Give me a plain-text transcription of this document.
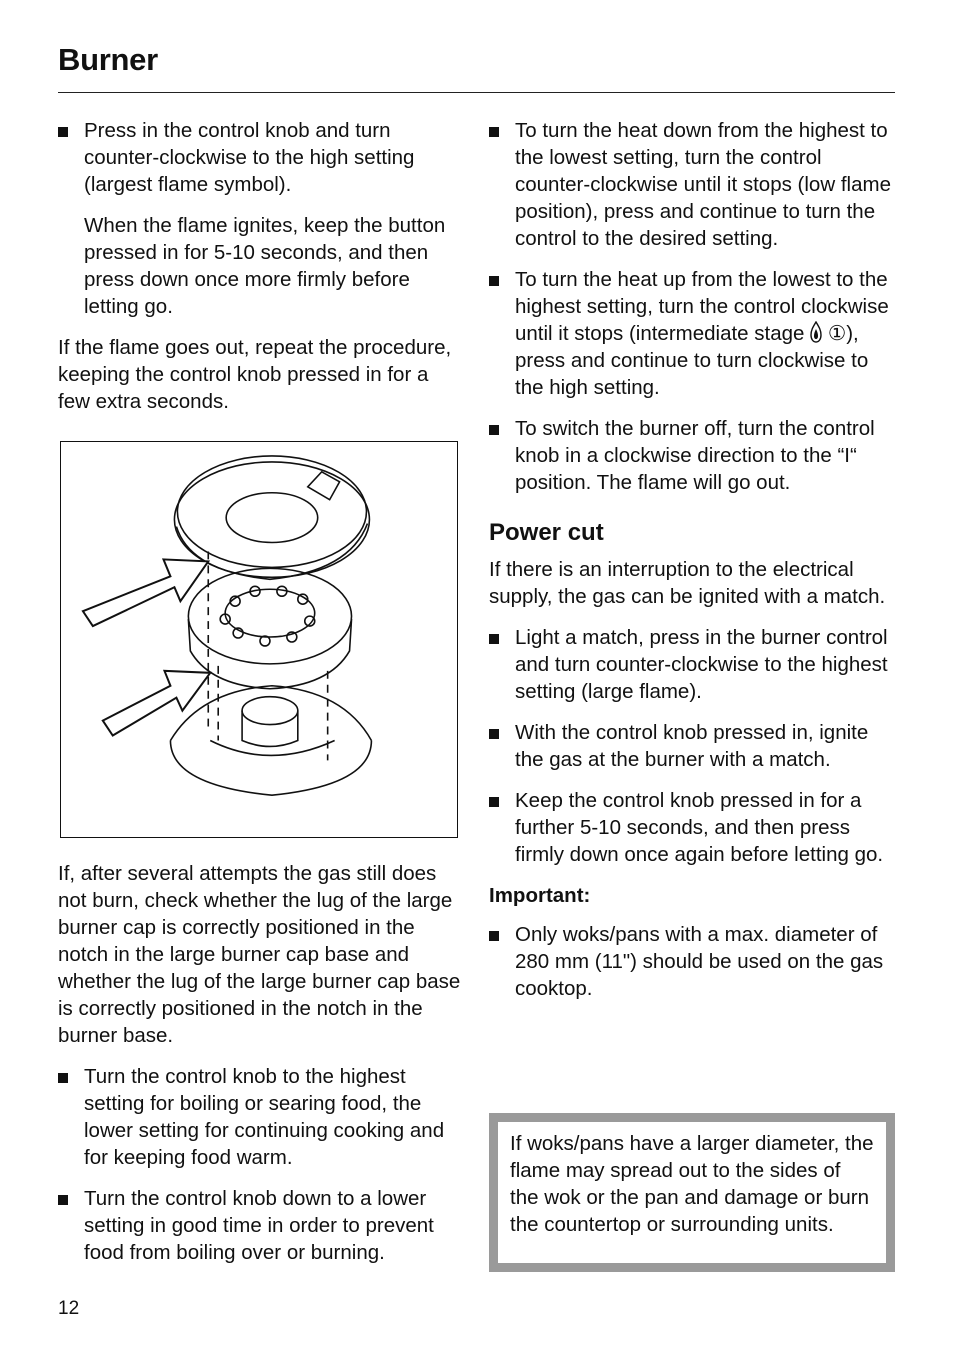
Burner
Press in the control knob and turn counter-clockwise to the high setting (largest flame symbol).
When the flame ignites, keep the button pressed in for 5-10 seconds, and then press down once more firmly before letting go.

If the flame goes out, repeat the procedure, keeping the control knob pressed in for a few extra seconds.

If, after several attempts the gas still does not burn, check whether the lug of the large burner cap is correctly positioned in the notch in the large burner cap base and whether the lug of the large burner cap base is correctly positioned in the notch in the burner base.

Turn the control knob to the highest setting for boiling or searing food, the lower setting for continuing cooking and for keeping food warm.
Turn the control knob down to a lower setting in good time in order to prevent food from boiling over or burning.
To turn the heat down from the highest to the lowest setting, turn the control counter-clockwise until it stops (low flame position), press and continue to turn the control to the desired setting.
To turn the heat up from the lowest to the highest setting, turn the control clockwise until it stops (intermediate stage  ①), press and continue to turn clockwise to the high setting.
To switch the burner off, turn the control knob in a clockwise direction to the “I“ position. The flame will go out.
Power cut

If there is an interruption to the electrical supply, the gas can be ignited with a match.

Light a match, press in the burner control and turn counter-clockwise to the highest setting (large flame).
With the control knob pressed in, ignite the gas at the burner with a match.
Keep the control knob pressed in for a further 5-10 seconds, and then press firmly down once again before letting go.
Important:
Only woks/pans with a max. diameter of 280 mm (11") should be used on the gas cooktop.
If woks/pans have a larger diameter, the flame may spread out to the sides of the wok or the pan and damage or burn the countertop or surrounding units.
12
